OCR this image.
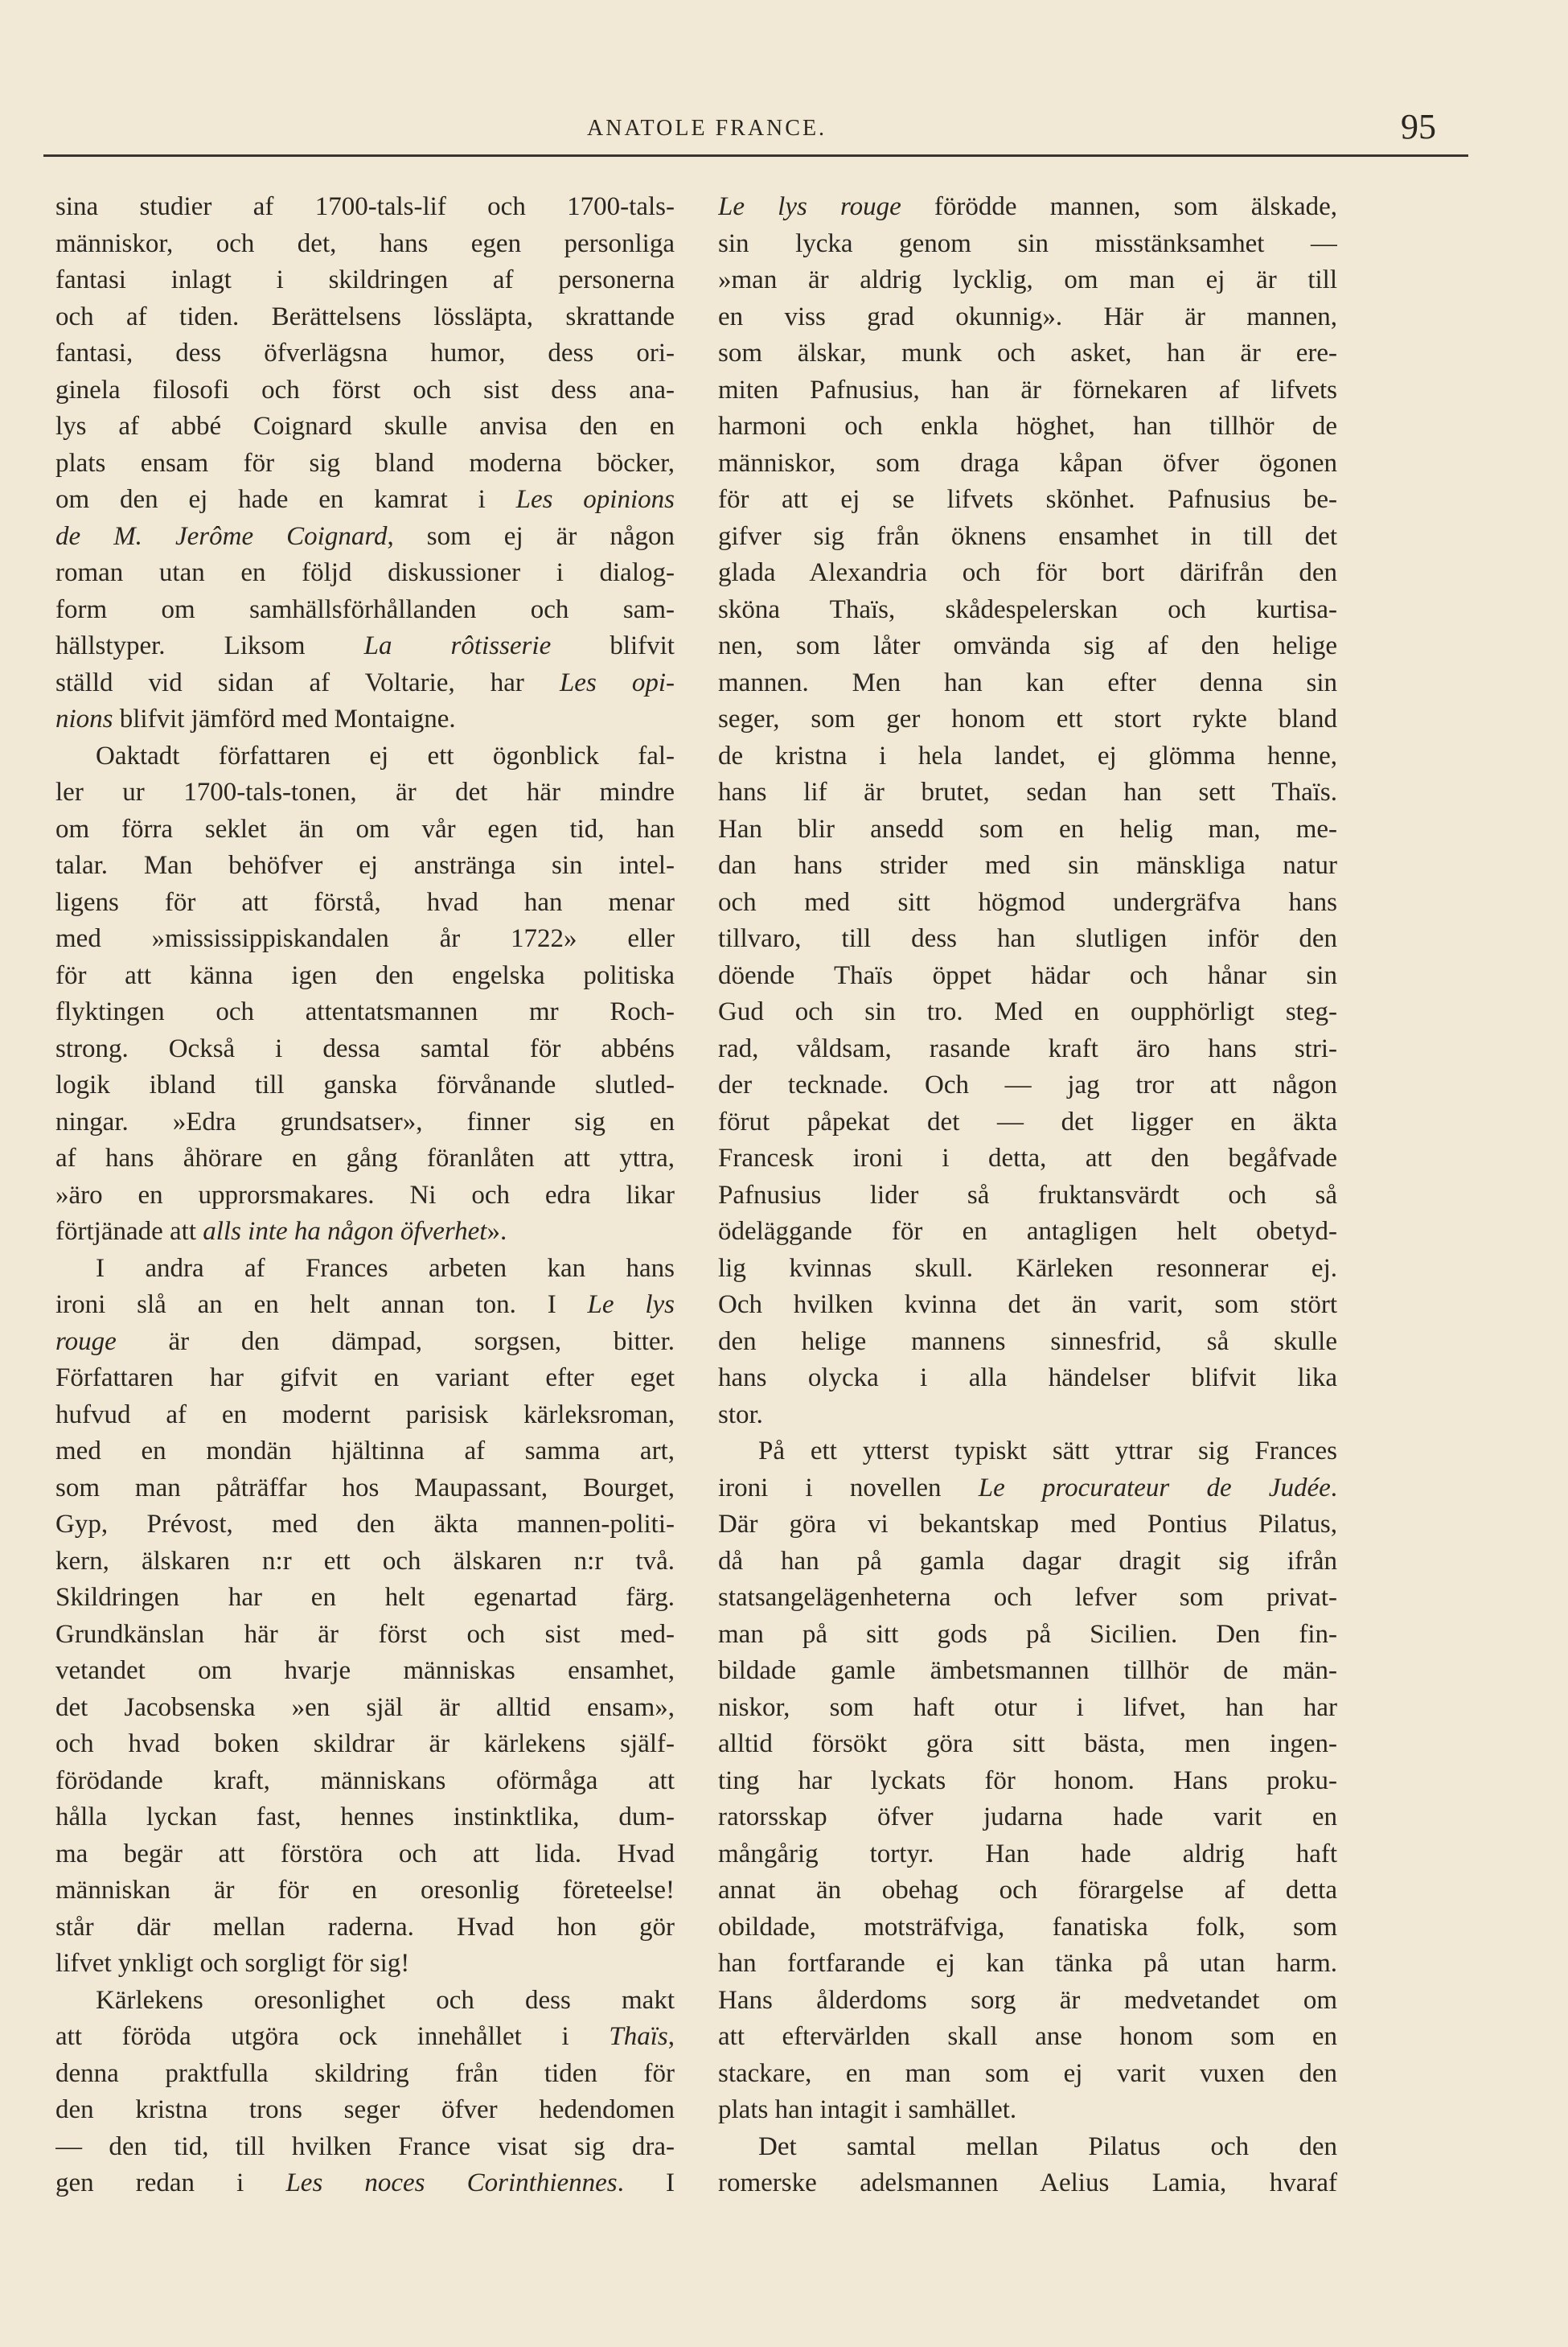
ANATOLE FRANCE.	95
sina studier af 1700-tals-lif och 1700-tals-
människor, och det, hans egen personliga
fantasi inlagt i skildringen af personerna
och af tiden. Berättelsens lössläpta, skrattande
fantasi, dess öfverlägsna humor, dess ori-
ginela filosofi och först och sist dess ana-
lys af abbé Coignard skulle anvisa den en
plats ensam för sig bland moderna böcker,
om den ej hade en kamrat i Les opinions
de M. Jerôme Coignard, som ej är någon
roman utan en följd diskussioner i dialog-
form om samhällsförhållanden och sam-
hällstyper. Liksom La rôtisserie blifvit
ställd vid sidan af Voltarie, har Les opi-
nions blifvit jämförd med Montaigne.
Oaktadt författaren ej ett ögonblick fal-
ler ur 1700-tals-tonen, är det här mindre
om förra seklet än om vår egen tid, han
talar. Man behöfver ej anstränga sin intel-
ligens för att förstå, hvad han menar
med »mississippiskandalen år 1722» eller
för att känna igen den engelska politiska
flyktingen och attentatsmannen mr Roch-
strong. Också i dessa samtal för abbéns
logik ibland till ganska förvånande slutled-
ningar. »Edra grundsatser», finner sig en
af hans åhörare en gång föranlåten att yttra,
»äro en upprorsmakares. Ni och edra likar
förtjänade att alls inte ha någon öfverhet».
I andra af Frances arbeten kan hans
ironi slå an en helt annan ton. I Le lys
rouge är den dämpad, sorgsen, bitter.
Författaren har gifvit en variant efter eget
hufvud af en modernt parisisk kärleksroman,
med en mondän hjältinna af samma art,
som man påträffar hos Maupassant, Bourget,
Gyp, Prévost, med den äkta mannen-politi-
kern, älskaren n:r ett och älskaren n:r två.
Skildringen har en helt egenartad färg.
Grundkänslan här är först och sist med-
vetandet om hvarje människas ensamhet,
det Jacobsenska »en själ är alltid ensam»,
och hvad boken skildrar är kärlekens själf-
förödande kraft, människans oförmåga att
hålla lyckan fast, hennes instinktlika, dum-
ma begär att förstöra och att lida. Hvad
människan är för en oresonlig företeelse!
står där mellan raderna. Hvad hon gör
lifvet ynkligt och sorgligt för sig!
Kärlekens oresonlighet och dess makt
att föröda utgöra ock innehållet i Thaïs,
denna praktfulla skildring från tiden för
den kristna trons seger öfver hedendomen
— den tid, till hvilken France visat sig dra-
gen redan i Les noces Corinthiennes. I
Le lys rouge förödde mannen, som älskade,
sin lycka genom sin misstänksamhet —
»man är aldrig lycklig, om man ej är till
en viss grad okunnig». Här är mannen,
som älskar, munk och asket, han är ere-
miten Pafnusius, han är förnekaren af lifvets
harmoni och enkla höghet, han tillhör de
människor, som draga kåpan öfver ögonen
för att ej se lifvets skönhet. Pafnusius be-
gifver sig från öknens ensamhet in till det
glada Alexandria och för bort därifrån den
sköna Thaïs, skådespelerskan och kurtisa-
nen, som låter omvända sig af den helige
mannen. Men han kan efter denna sin
seger, som ger honom ett stort rykte bland
de kristna i hela landet, ej glömma henne,
hans lif är brutet, sedan han sett Thaïs.
Han blir ansedd som en helig man, me-
dan hans strider med sin mänskliga natur
och med sitt högmod undergräfva hans
tillvaro, till dess han slutligen inför den
döende Thaïs öppet hädar och hånar sin
Gud och sin tro. Med en oupphörligt steg-
rad, våldsam, rasande kraft äro hans stri-
der tecknade. Och — jag tror att någon
förut påpekat det — det ligger en äkta
Francesk ironi i detta, att den begåfvade
Pafnusius lider så fruktansvärdt och så
ödeläggande för en antagligen helt obetyd-
lig kvinnas skull. Kärleken resonnerar ej.
Och hvilken kvinna det än varit, som stört
den helige mannens sinnesfrid, så skulle
hans olycka i alla händelser blifvit lika
stor.
På ett ytterst typiskt sätt yttrar sig Frances
ironi i novellen Le procurateur de Judée.
Där göra vi bekantskap med Pontius Pilatus,
då han på gamla dagar dragit sig ifrån
statsangelägenheterna och lefver som privat-
man på sitt gods på Sicilien. Den fin-
bildade gamle ämbetsmannen tillhör de män-
niskor, som haft otur i lifvet, han har
alltid försökt göra sitt bästa, men ingen-
ting har lyckats för honom. Hans proku-
ratorsskap öfver judarna hade varit en
mångårig tortyr. Han hade aldrig haft
annat än obehag och förargelse af detta
obildade, motsträfviga, fanatiska folk, som
han fortfarande ej kan tänka på utan harm.
Hans ålderdoms sorg är medvetandet om
att eftervärlden skall anse honom som en
stackare, en man som ej varit vuxen den
plats han intagit i samhället.
Det samtal mellan Pilatus och den
romerske adelsmannen Aelius Lamia, hvaraf
